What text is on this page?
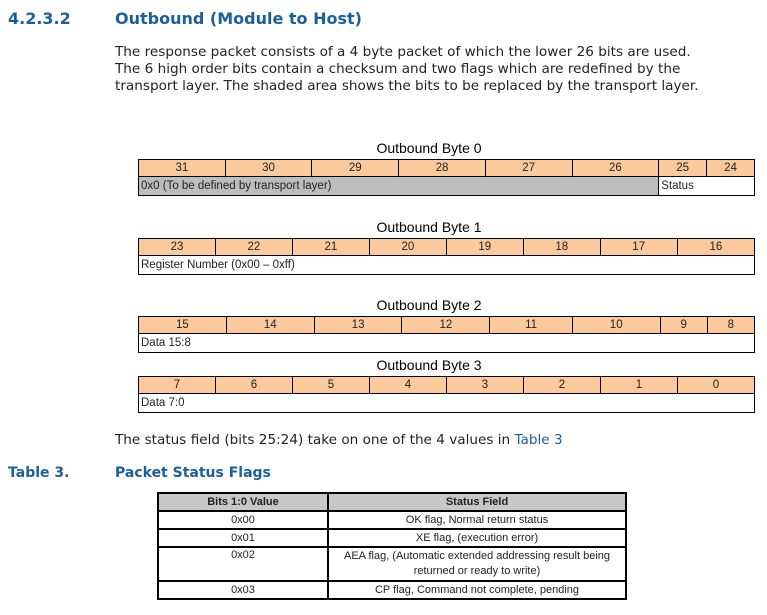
4.2.3.2	Outbound (Module to Host)
The response packet consists of a 4 byte packet of which the lower 26 bits are used.
The 6 high order bits contain a checksum and two flags which are redefined by the
transport layer. The shaded area shows the bits to be replaced by the transport layer.
Outbound Byte 0
31	30	29	28	27	26	25	24
0x0 (To be defined by transport layer)						Status	
Outbound Byte 1
23	22	21	20	19	18	17	16
Register Number (0x00 – 0xff)
Outbound Byte 2
15	14	13	12	11	10	9	8
Data 15:8
Outbound Byte 3
7	6	5	4	3	2	1	0
Data 7:0
The status field (bits 25:24) take on one of the 4 values in Table 3
Table 3.	Packet Status Flags
Bits 1:0 Value	Status Field
0x00	OK flag, Normal return status
0x01	XE flag, (execution error)
0x02	AEA flag, (Automatic extended addressing result being returned or ready to write)
0x03	CP flag, Command not complete, pending
